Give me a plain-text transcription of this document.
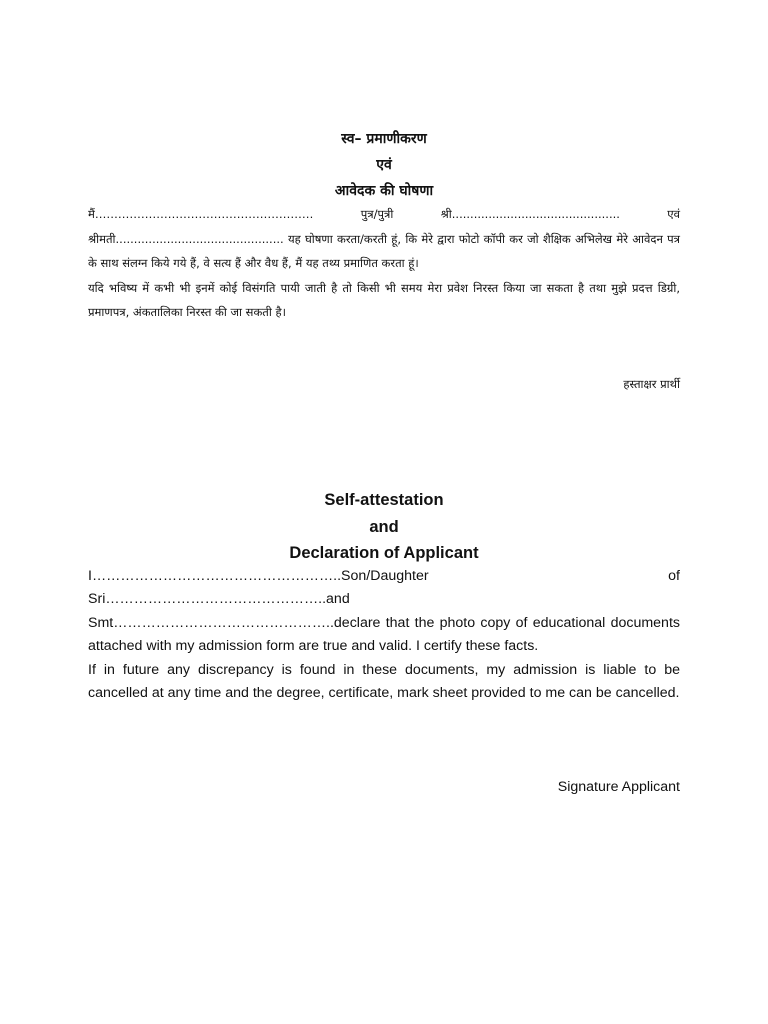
स्व– प्रमाणीकरण
एवं
आवेदक की घोषणा
मैं………………………………………………… पुत्र/पुत्री श्री.............................................. एवं

श्रीमती.............................................. यह घोषणा करता/करती हूं, कि मेरे द्वारा फोटो कॉपी कर जो शैक्षिक अभिलेख मेरे आवेदन पत्र के साथ संलग्न किये गये हैं, वे सत्य हैं और वैध हैं, मैं यह तथ्य प्रमाणित करता हूं।

यदि भविष्य में कभी भी इनमें कोई विसंगति पायी जाती है तो किसी भी समय मेरा प्रवेश निरस्त किया जा सकता है तथा मुझे प्रदत्त डिग्री, प्रमाणपत्र, अंकतालिका निरस्त की जा सकती है।

हस्ताक्षर प्रार्थी
Self-attestation
and
Declaration of Applicant
I……………………………………………..Son/Daughter of Sri………………………………………..and

Smt………………………………………..declare that the photo copy of educational documents attached with my admission form are true and valid. I certify these facts.

If in future any discrepancy is found in these documents, my admission is liable to be cancelled at any time and the degree, certificate, mark sheet provided to me can be cancelled.

Signature Applicant
